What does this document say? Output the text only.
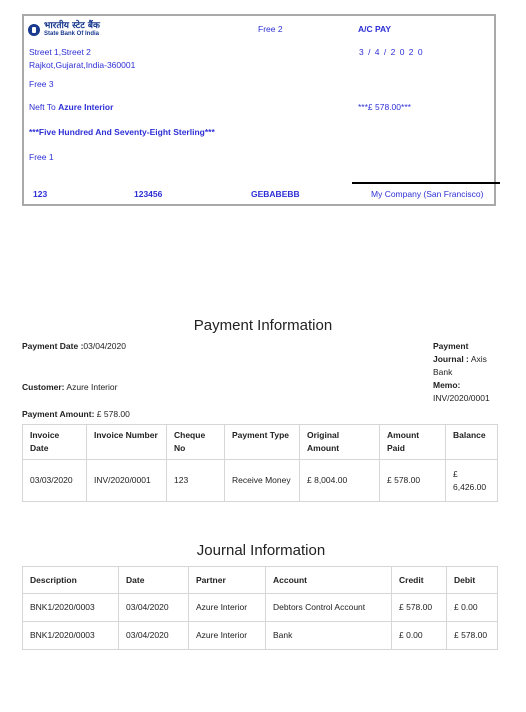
भारतीय स्टेट बैंक
State Bank Of India	Free 2	A/C PAY
3 / 4 / 2 0 2 0
Street 1,Street 2
Rajkot,Gujarat,India-360001
Free 3
Neft To Azure Interior	***£ 578.00***
***Five Hundred And Seventy-Eight Sterling***
Free 1
123	123456	GEBABEBB	My Company (San Francisco)
Payment Information
Payment Date :03/04/2020	Payment
Journal : Axis
Bank
Memo:
INV/2020/0001
Customer: Azure Interior
Payment Amount: £ 578.00
Invoice Date	Invoice Number	Cheque No	Payment Type	Original Amount	Amount Paid	Balance
03/03/2020	INV/2020/0001	123	Receive Money	£ 8,004.00	£ 578.00	£ 6,426.00
Journal Information
Description	Date	Partner	Account	Credit	Debit
BNK1/2020/0003	03/04/2020	Azure Interior	Debtors Control Account	£ 578.00	£ 0.00
BNK1/2020/0003	03/04/2020	Azure Interior	Bank	£ 0.00	£ 578.00
